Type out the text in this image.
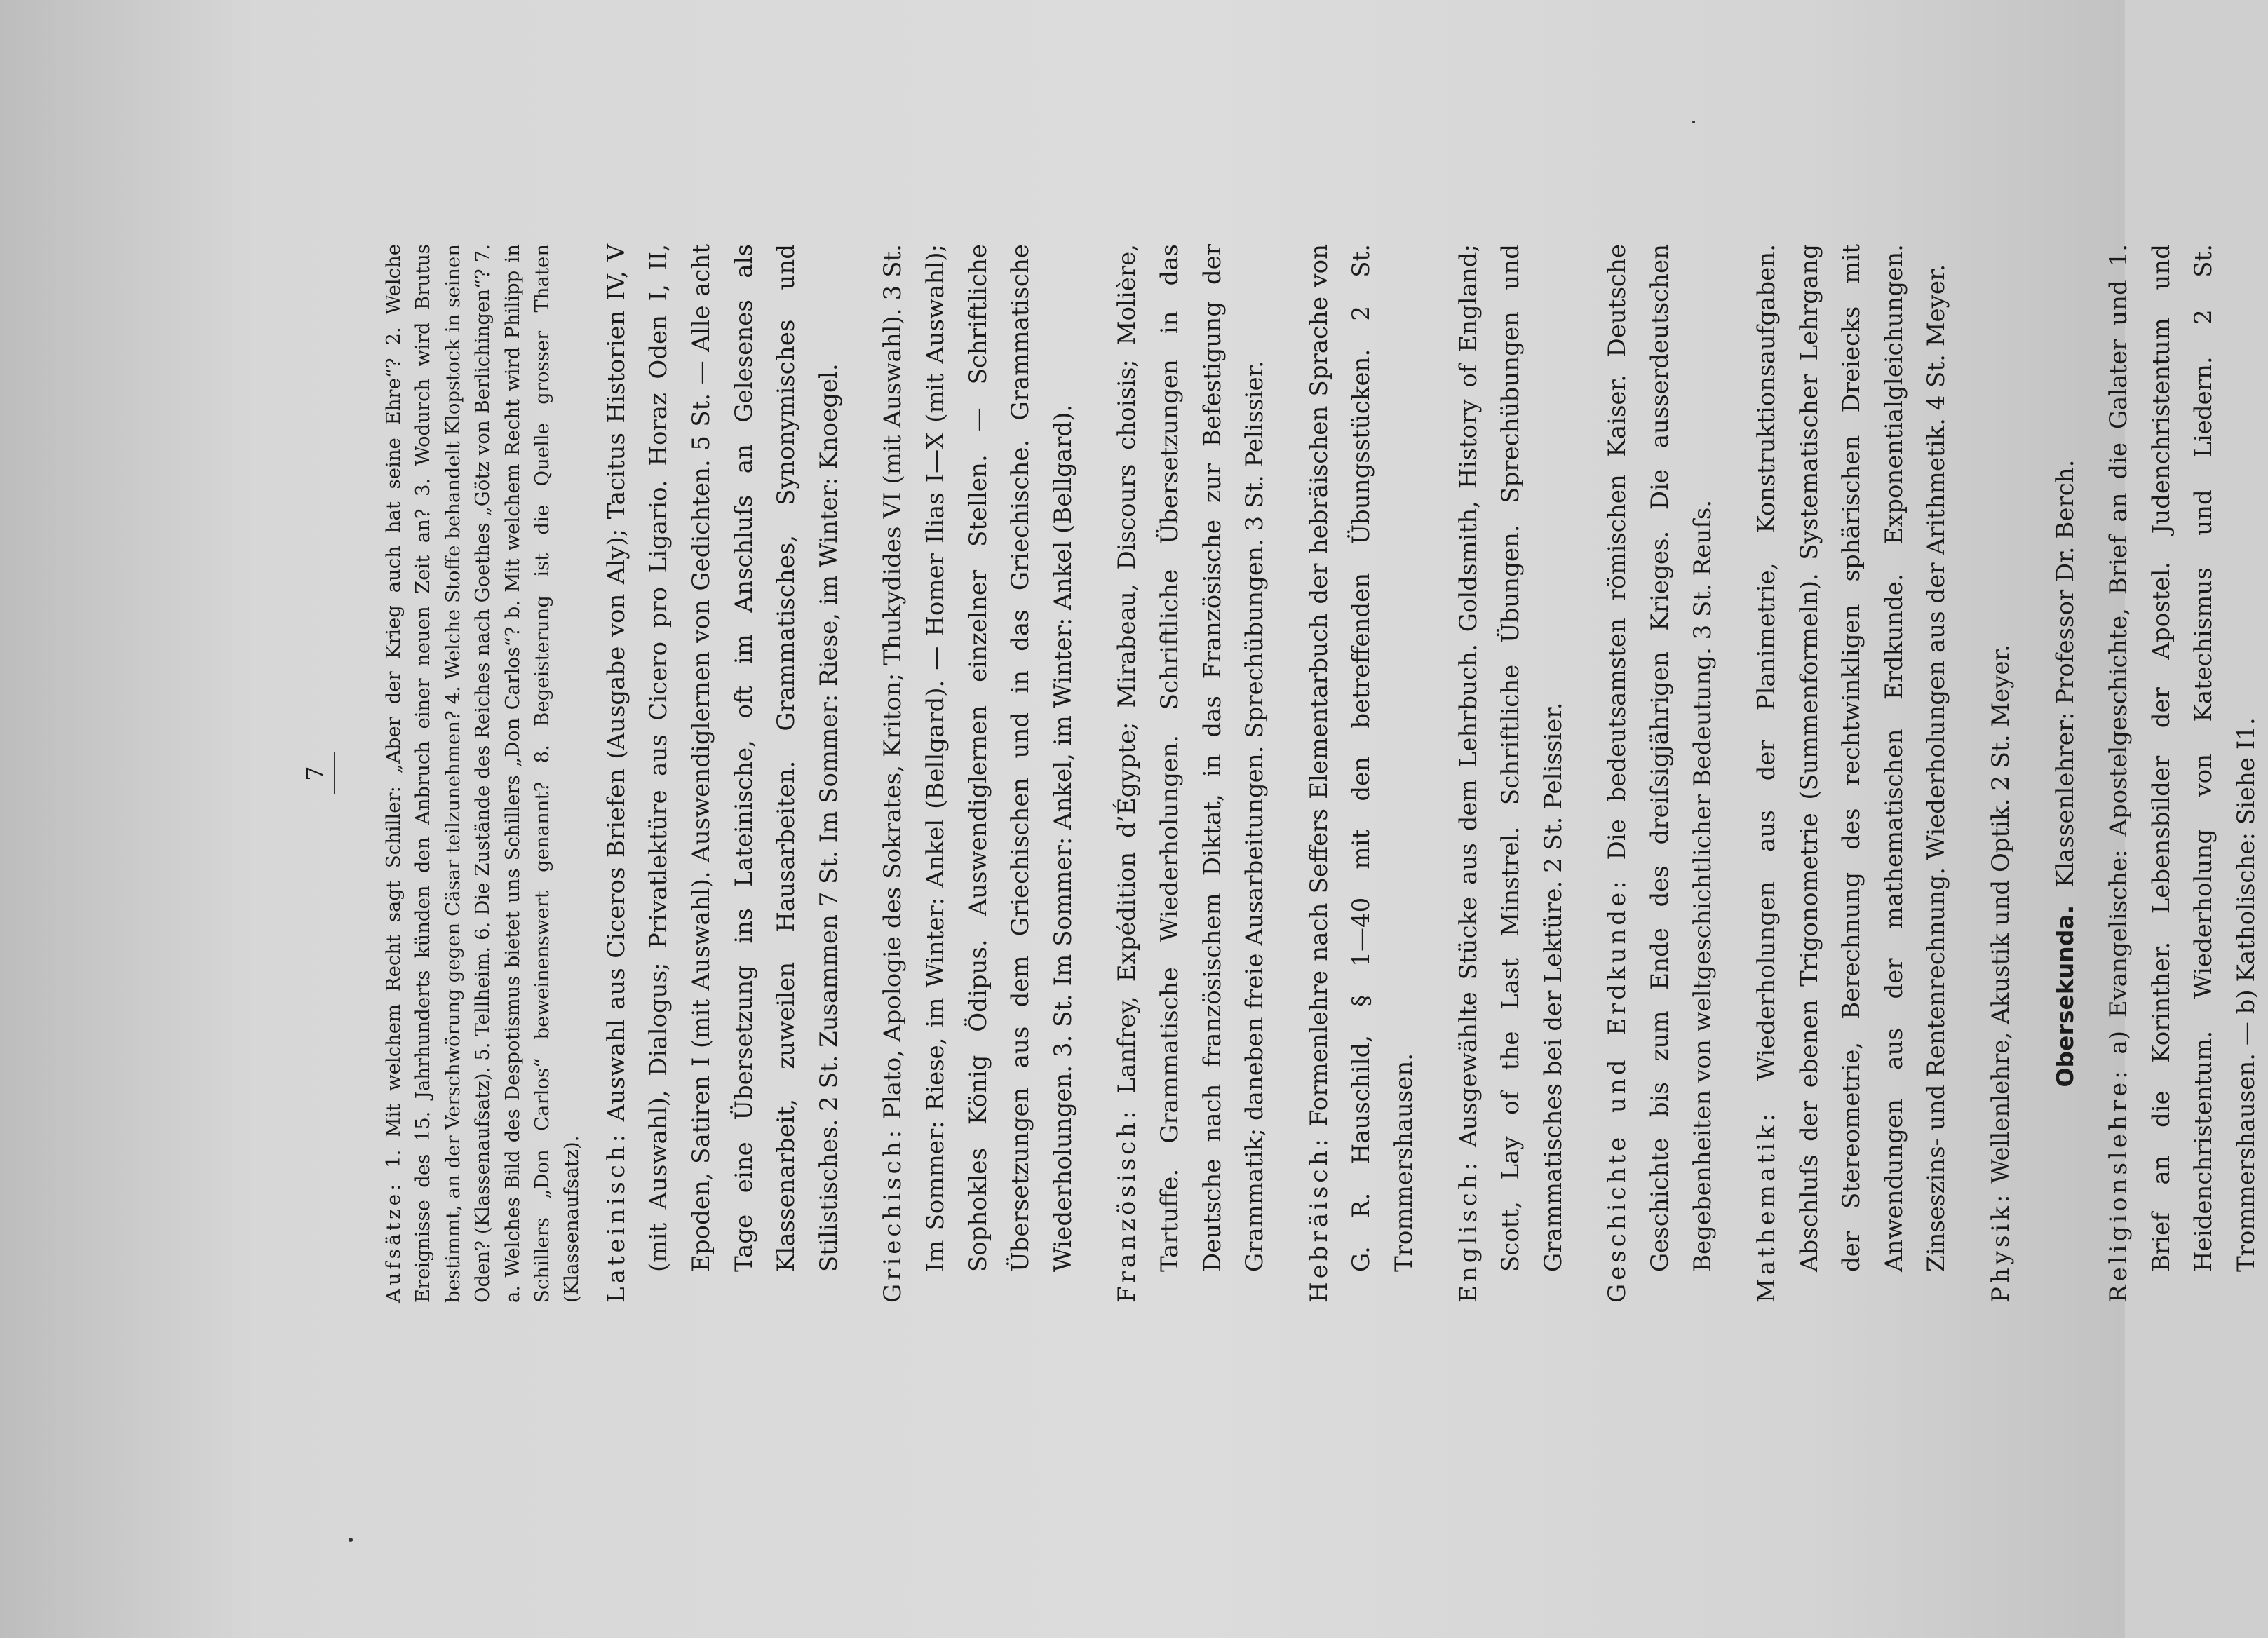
7

Aufsätze: 1. Mit welchem Recht sagt Schiller: „Aber der Krieg auch hat seine Ehre“? 2. Welche Ereignisse des 15. Jahrhunderts künden den Anbruch einer neuen Zeit an? 3. Wodurch wird Brutus bestimmt, an der Verschwörung gegen Cäsar teilzunehmen? 4. Welche Stoffe behandelt Klopstock in seinen Oden? (Klassenaufsatz). 5. Tellheim. 6. Die Zustände des Reiches nach Goethes „Götz von Berlichingen“? 7. a. Welches Bild des Despotismus bietet uns Schillers „Don Carlos“? b. Mit welchem Recht wird Philipp in Schillers „Don Carlos“ beweinenswert genannt? 8. Begeisterung ist die Quelle grosser Thaten (Klassenaufsatz). Lateinisch: Auswahl aus Ciceros Briefen (Ausgabe von Aly); Tacitus Historien IV, V (mit Auswahl), Dialogus; Privatlektüre aus Cicero pro Ligario. Horaz Oden I, II, Epoden, Satiren I (mit Auswahl). Auswendiglernen von Gedichten. 5 St. — Alle acht Tage eine Übersetzung ins Lateinische, oft im Anschluſs an Gelesenes als Klassenarbeit, zuweilen Hausarbeiten. Grammatisches, Synonymisches und Stilistisches. 2 St. Zusammen 7 St. Im Sommer: Riese, im Winter: Knoegel.	Griechisch: Plato, Apologie des Sokrates, Kriton; Thukydides VI (mit Auswahl). 3 St. Im Sommer: Riese, im Winter: Ankel (Bellgard). — Homer Ilias I—X (mit Auswahl); Sophokles König Ödipus. Auswendiglernen einzelner Stellen. — Schriftliche Übersetzungen aus dem Griechischen und in das Griechische. Grammatische Wiederholungen. 3. St. Im Sommer: Ankel, im Winter: Ankel (Bellgard).	Französisch: Lanfrey, Expédition d’Égypte; Mirabeau, Discours choisis; Molière, Tartuffe. Grammatische Wiederholungen. Schriftliche Übersetzungen in das Deutsche nach französischem Diktat, in das Französische zur Befestigung der Grammatik; daneben freie Ausarbeitungen. Sprechübungen. 3 St. Pelissier.	Hebräisch: Formenlehre nach Seffers Elementarbuch der hebräischen Sprache von G. R. Hauschild, § 1—40 mit den betreffenden Übungsstücken. 2 St. Trommershausen.	Englisch: Ausgewählte Stücke aus dem Lehrbuch. Goldsmith, History of England; Scott, Lay of the Last Minstrel. Schriftliche Übungen. Sprechübungen und Grammatisches bei der Lektüre. 2 St. Pelissier.	Geschichte und Erdkunde: Die bedeutsamsten römischen Kaiser. Deutsche Geschichte bis zum Ende des dreiſsigjährigen Krieges. Die ausserdeutschen Begebenheiten von weltgeschichtlicher Bedeutung. 3 St. Reuſs.	Mathematik: Wiederholungen aus der Planimetrie, Konstruktionsaufgaben. Abschluſs der ebenen Trigonometrie (Summenformeln). Systematischer Lehrgang der Stereometrie, Berechnung des rechtwinkligen sphärischen Dreiecks mit Anwendungen aus der mathematischen Erdkunde. Exponentialgleichungen. Zinseszins- und Rentenrechnung. Wiederholungen aus der Arithmetik. 4 St. Meyer.	Physik: Wellenlehre, Akustik und Optik. 2 St. Meyer.	Obersekunda. Klassenlehrer: Professor Dr. Berch.

Religionslehre: a) Evangelische: Apostelgeschichte, Brief an die Galater und 1. Brief an die Korinther. Lebensbilder der Apostel. Judenchristentum und Heidenchristentum. Wiederholung von Katechismus und Liedern. 2 St. Trommershausen. — b) Katholische: Siehe I1.
